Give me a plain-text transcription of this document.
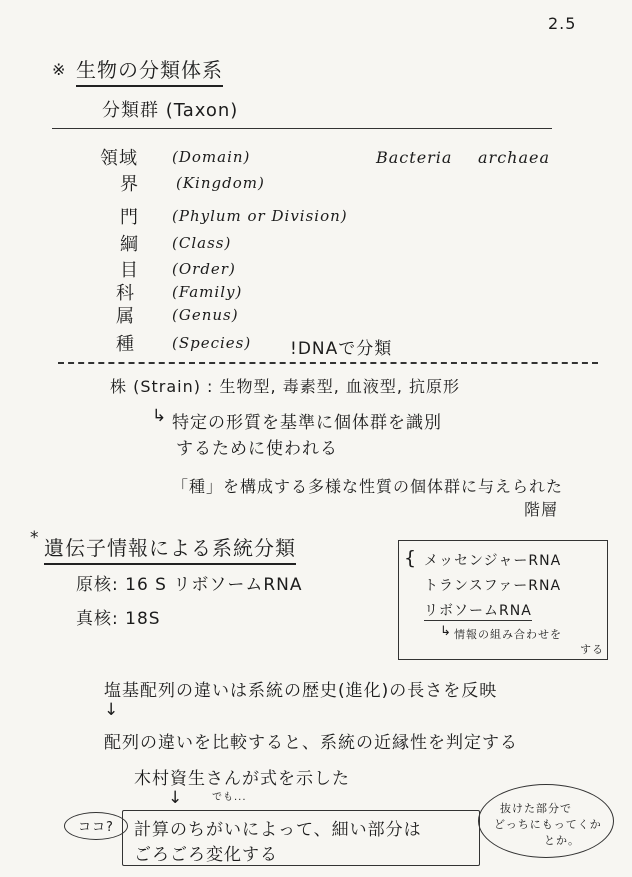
2.5
※ 生物の分類体系
分類群 (Taxon)
領域 (Domain)	Bacteria archaea
界 (Kingdom)
門 (Phylum or Division)
綱 (Class)
目 (Order)
科 (Family)
属 (Genus)
種 (Species) !DNAで分類
株 (Strain) : 生物型, 毒素型, 血液型, 抗原形
↳ 特定の形質を基準に個体群を識別
するために使われる
「種」を構成する多様な性質の個体群に与えられた
階層
* 遺伝子情報による系統分類
原核: 16 S リボソームRNA
真核: 18S
{ メッセンジャーRNA
トランスファーRNA
リボソームRNA
↳ 情報の組み合わせを
する
塩基配列の違いは系統の歴史(進化)の長さを反映
↓
配列の違いを比較すると、系統の近縁性を判定する
木村資生さんが式を示した
↓	でも...
ココ? 計算のちがいによって、細い部分は
ごろごろ変化する
抜けた部分で
どっちにもってくか
とか。
